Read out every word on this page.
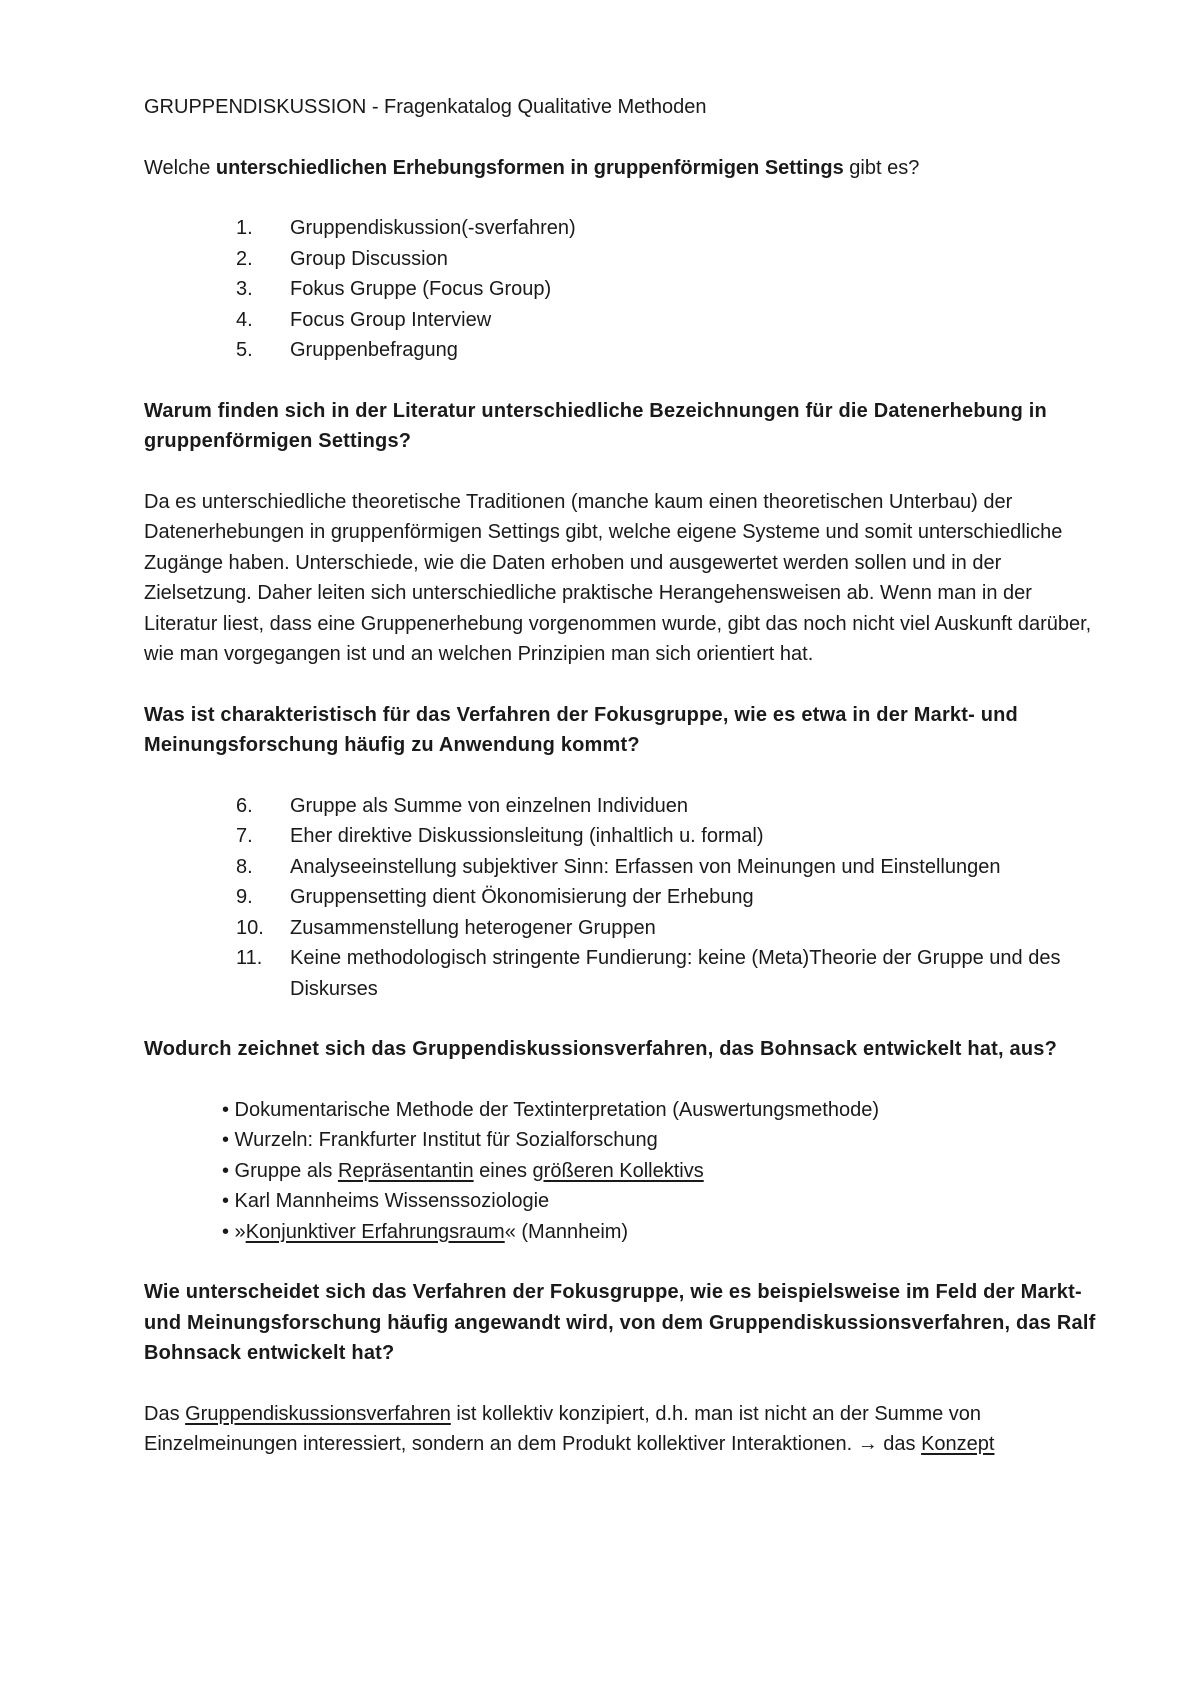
GRUPPENDISKUSSION - Fragenkatalog Qualitative Methoden

Welche unterschiedlichen Erhebungsformen in gruppenförmigen Settings gibt es?

1.	Gruppendiskussion(-sverfahren)
2.	Group Discussion
3.	Fokus Gruppe (Focus Group)
4.	Focus Group Interview
5.	Gruppenbefragung

Warum finden sich in der Literatur unterschiedliche Bezeichnungen für die Datenerhebung in gruppenförmigen Settings?

Da es unterschiedliche theoretische Traditionen (manche kaum einen theoretischen Unterbau) der Datenerhebungen in gruppenförmigen Settings gibt, welche eigene Systeme und somit unterschiedliche Zugänge haben. Unterschiede, wie die Daten erhoben und ausgewertet werden sollen und in der Zielsetzung. Daher leiten sich unterschiedliche praktische Herangehensweisen ab. Wenn man in der Literatur liest, dass eine Gruppenerhebung vorgenommen wurde, gibt das noch nicht viel Auskunft darüber, wie man vorgegangen ist und an welchen Prinzipien man sich orientiert hat.

Was ist charakteristisch für das Verfahren der Fokusgruppe, wie es etwa in der Markt- und Meinungsforschung häufig zu Anwendung kommt?

6.	Gruppe als Summe von einzelnen Individuen
7.	Eher direktive Diskussionsleitung (inhaltlich u. formal)
8.	Analyseeinstellung subjektiver Sinn: Erfassen von Meinungen und Einstellungen
9.	Gruppensetting dient Ökonomisierung der Erhebung
10.	Zusammenstellung heterogener Gruppen
11.	Keine methodologisch stringente Fundierung: keine (Meta)Theorie der Gruppe und des Diskurses

Wodurch zeichnet sich das Gruppendiskussionsverfahren, das Bohnsack entwickelt hat, aus?

• Dokumentarische Methode der Textinterpretation (Auswertungsmethode)
• Wurzeln: Frankfurter Institut für Sozialforschung
• Gruppe als Repräsentantin eines größeren Kollektivs
• Karl Mannheims Wissenssoziologie
• »Konjunktiver Erfahrungsraum« (Mannheim)

Wie unterscheidet sich das Verfahren der Fokusgruppe, wie es beispielsweise im Feld der Markt- und Meinungsforschung häufig angewandt wird, von dem Gruppendiskussionsverfahren, das Ralf Bohnsack entwickelt hat?

Das Gruppendiskussionsverfahren ist kollektiv konzipiert, d.h. man ist nicht an der Summe von Einzelmeinungen interessiert, sondern an dem Produkt kollektiver Interaktionen. → das Konzept
